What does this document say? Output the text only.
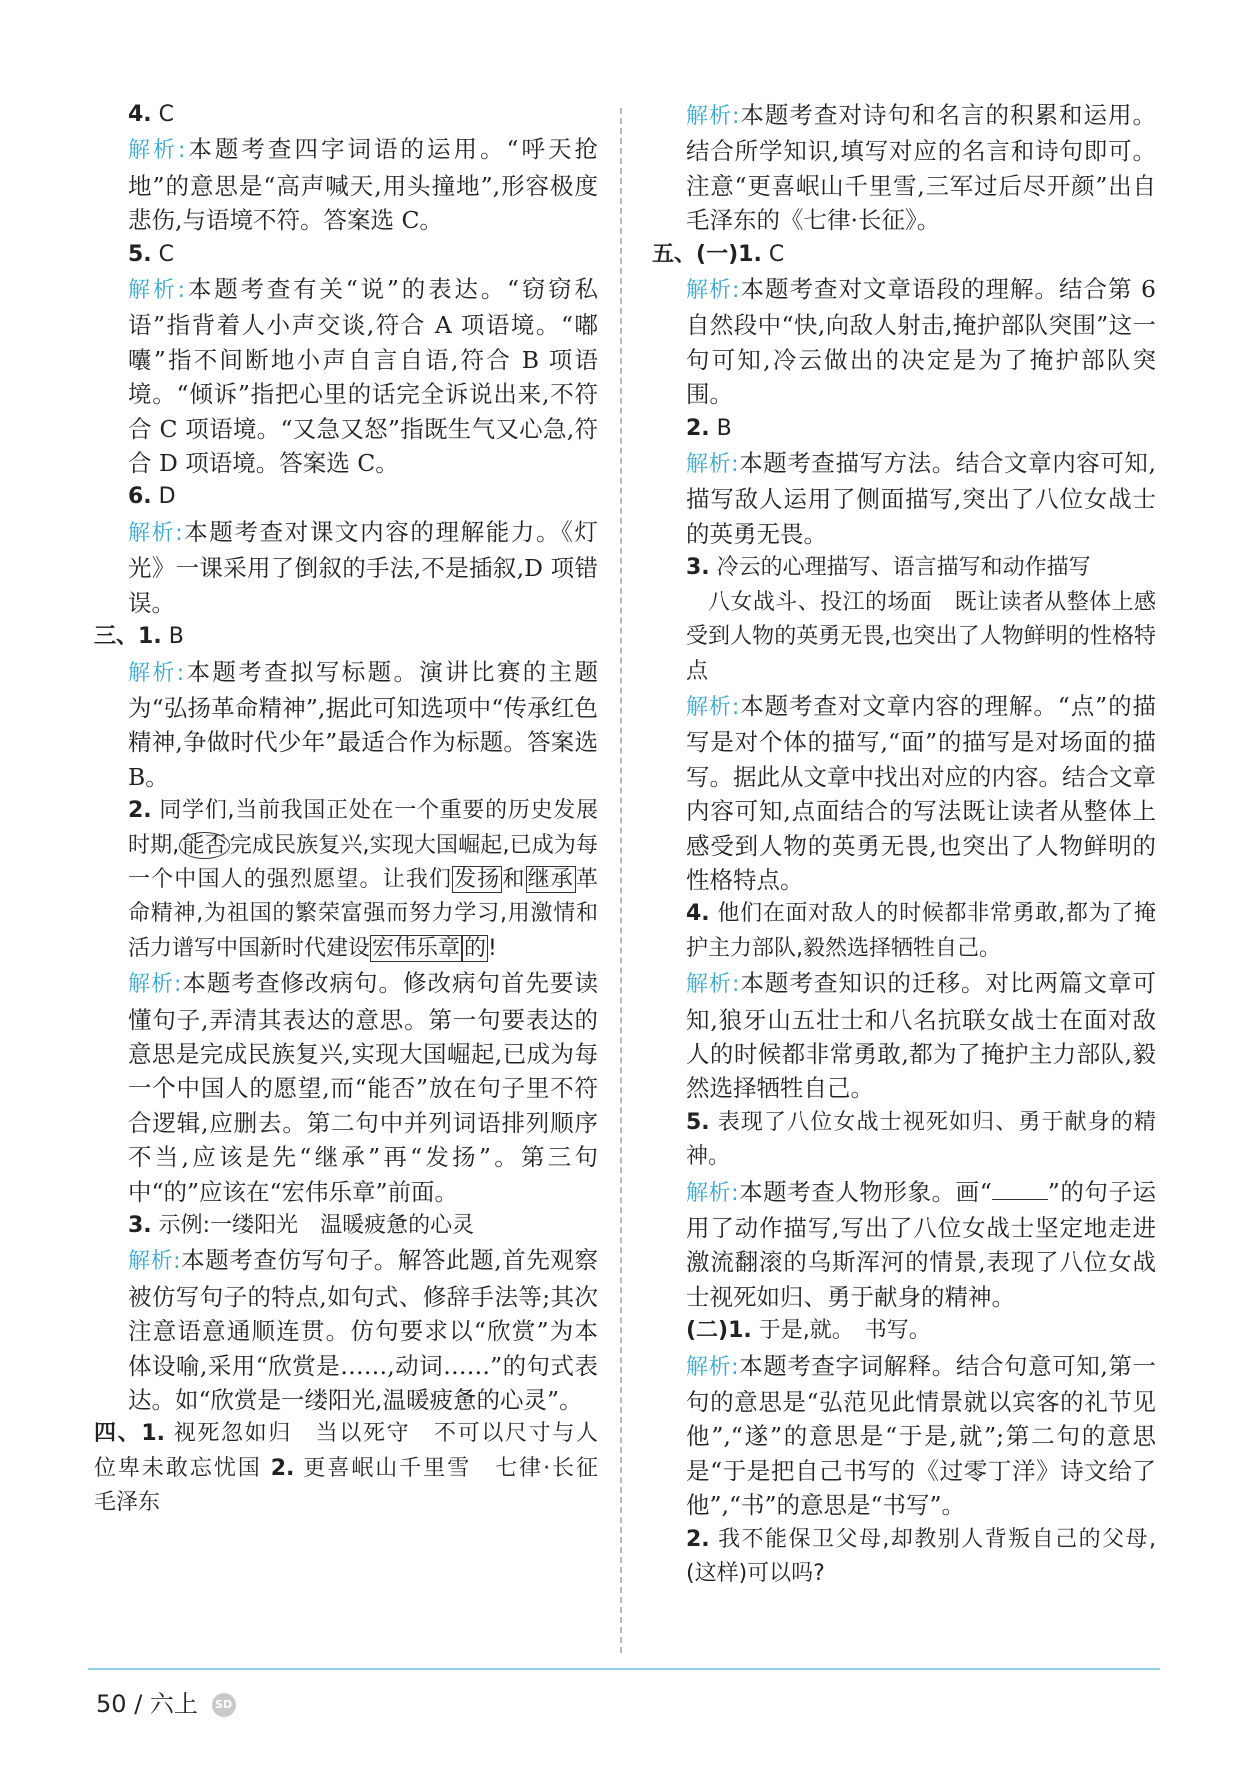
4. C

解析:本题考查四字词语的运用。“呼天抢地”的意思是“高声喊天,用头撞地”,形容极度悲伤,与语境不符。答案选 C。

5. C

解析:本题考查有关“说”的表达。“窃窃私语”指背着人小声交谈,符合 A 项语境。“嘟囔”指不间断地小声自言自语,符合 B 项语境。“倾诉”指把心里的话完全诉说出来,不符合 C 项语境。“又急又怒”指既生气又心急,符合 D 项语境。答案选 C。

6. D

解析:本题考查对课文内容的理解能力。《灯光》一课采用了倒叙的手法,不是插叙,D 项错误。

三、1. B

解析:本题考查拟写标题。演讲比赛的主题为“弘扬革命精神”,据此可知选项中“传承红色精神,争做时代少年”最适合作为标题。答案选 B。

2. 同学们,当前我国正处在一个重要的历史发展时期, 能否 完成民族复兴,实现大国崛起,已成为每一个中国人的强烈愿望。让我们发扬和继承革命精神,为祖国的繁荣富强而努力学习,用激情和活力谱写中国新时代建设宏伟乐章 的!

解析:本题考查修改病句。修改病句首先要读懂句子,弄清其表达的意思。第一句要表达的意思是完成民族复兴,实现大国崛起,已成为每一个中国人的愿望,而“能否”放在句子里不符合逻辑,应删去。第二句中并列词语排列顺序不当,应该是先“继承”再“发扬”。第三句中“的”应该在“宏伟乐章”前面。

3. 示例:一缕阳光　温暖疲惫的心灵

解析:本题考查仿写句子。解答此题,首先观察被仿写句子的特点,如句式、修辞手法等;其次注意语意通顺连贯。仿句要求以“欣赏”为本体设喻,采用“欣赏是……,动词……”的句式表达。如“欣赏是一缕阳光,温暖疲惫的心灵”。

四、1. 视死忽如归　当以死守　不可以尺寸与人　位卑未敢忘忧国 2. 更喜岷山千里雪　七律·长征　毛泽东

解析:本题考查对诗句和名言的积累和运用。结合所学知识,填写对应的名言和诗句即可。注意“更喜岷山千里雪,三军过后尽开颜”出自毛泽东的《七律·长征》。

五、(一)1. C

解析:本题考查对文章语段的理解。结合第 6 自然段中“快,向敌人射击,掩护部队突围”这一句可知,冷云做出的决定是为了掩护部队突围。

2. B

解析:本题考查描写方法。结合文章内容可知,描写敌人运用了侧面描写,突出了八位女战士的英勇无畏。

3. 冷云的心理描写、语言描写和动作描写

八女战斗、投江的场面　既让读者从整体上感受到人物的英勇无畏,也突出了人物鲜明的性格特点

解析:本题考查对文章内容的理解。“点”的描写是对个体的描写,“面”的描写是对场面的描写。据此从文章中找出对应的内容。结合文章内容可知,点面结合的写法既让读者从整体上感受到人物的英勇无畏,也突出了人物鲜明的性格特点。

4. 他们在面对敌人的时候都非常勇敢,都为了掩护主力部队,毅然选择牺牲自己。

解析:本题考查知识的迁移。对比两篇文章可知,狼牙山五壮士和八名抗联女战士在面对敌人的时候都非常勇敢,都为了掩护主力部队,毅然选择牺牲自己。

5. 表现了八位女战士视死如归、勇于献身的精神。

解析:本题考查人物形象。画“ ”的句子运用了动作描写,写出了八位女战士坚定地走进激流翻滚的乌斯浑河的情景,表现了八位女战士视死如归、勇于献身的精神。

(二)1. 于是,就。　书写。

解析:本题考查字词解释。结合句意可知,第一句的意思是“弘范见此情景就以宾客的礼节见他”,“遂”的意思是“于是,就”;第二句的意思是“于是把自己书写的《过零丁洋》诗文给了他”,“书”的意思是“书写”。

2. 我不能保卫父母,却教别人背叛自己的父母,(这样)可以吗?

50 / 六上 SD
